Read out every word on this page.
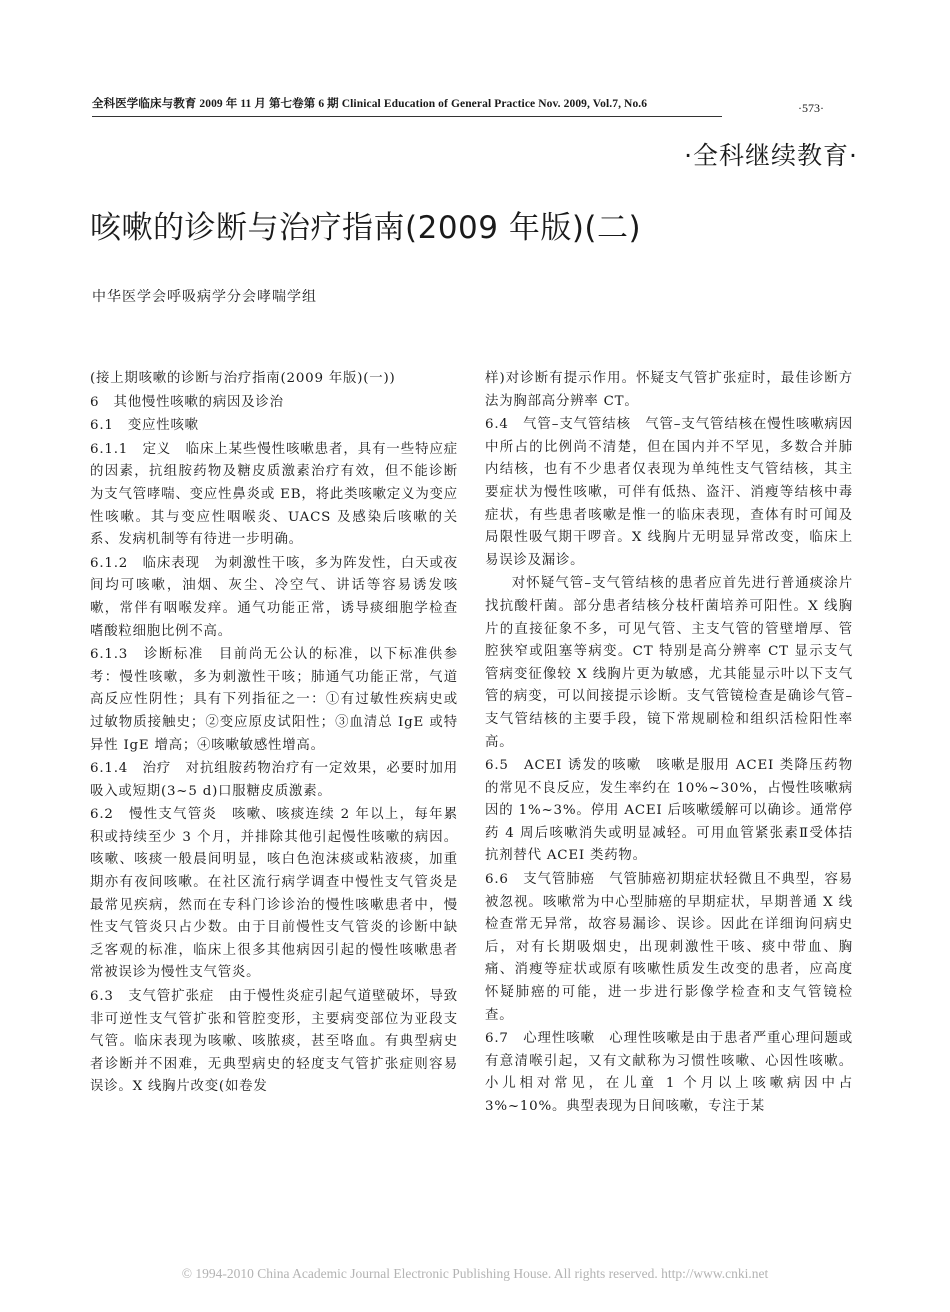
全科医学临床与教育 2009 年 11 月 第七卷第 6 期 Clinical Education of General Practice Nov. 2009, Vol.7, No.6	·573·
·全科继续教育·
咳嗽的诊断与治疗指南(2009 年版)(二)
中华医学会呼吸病学分会哮喘学组

(接上期咳嗽的诊断与治疗指南(2009 年版)(一))

6　其他慢性咳嗽的病因及诊治

6.1　变应性咳嗽

6.1.1　定义　临床上某些慢性咳嗽患者，具有一些特应症的因素，抗组胺药物及糖皮质激素治疗有效，但不能诊断为支气管哮喘、变应性鼻炎或 EB，将此类咳嗽定义为变应性咳嗽。其与变应性咽喉炎、UACS 及感染后咳嗽的关系、发病机制等有待进一步明确。

6.1.2　临床表现　为刺激性干咳，多为阵发性，白天或夜间均可咳嗽，油烟、灰尘、冷空气、讲话等容易诱发咳嗽，常伴有咽喉发痒。通气功能正常，诱导痰细胞学检查嗜酸粒细胞比例不高。

6.1.3　诊断标准　目前尚无公认的标准，以下标准供参考：慢性咳嗽，多为刺激性干咳；肺通气功能正常，气道高反应性阴性；具有下列指征之一：①有过敏性疾病史或过敏物质接触史；②变应原皮试阳性；③血清总 IgE 或特异性 IgE 增高；④咳嗽敏感性增高。

6.1.4　治疗　对抗组胺药物治疗有一定效果，必要时加用吸入或短期(3~5 d)口服糖皮质激素。

6.2　慢性支气管炎　咳嗽、咳痰连续 2 年以上，每年累积或持续至少 3 个月，并排除其他引起慢性咳嗽的病因。咳嗽、咳痰一般晨间明显，咳白色泡沫痰或粘液痰，加重期亦有夜间咳嗽。在社区流行病学调查中慢性支气管炎是最常见疾病，然而在专科门诊诊治的慢性咳嗽患者中，慢性支气管炎只占少数。由于目前慢性支气管炎的诊断中缺乏客观的标准，临床上很多其他病因引起的慢性咳嗽患者常被误诊为慢性支气管炎。

6.3　支气管扩张症　由于慢性炎症引起气道壁破坏，导致非可逆性支气管扩张和管腔变形，主要病变部位为亚段支气管。临床表现为咳嗽、咳脓痰，甚至咯血。有典型病史者诊断并不困难，无典型病史的轻度支气管扩张症则容易误诊。X 线胸片改变(如卷发

样)对诊断有提示作用。怀疑支气管扩张症时，最佳诊断方法为胸部高分辨率 CT。

6.4　气管–支气管结核　气管–支气管结核在慢性咳嗽病因中所占的比例尚不清楚，但在国内并不罕见，多数合并肺内结核，也有不少患者仅表现为单纯性支气管结核，其主要症状为慢性咳嗽，可伴有低热、盗汗、消瘦等结核中毒症状，有些患者咳嗽是惟一的临床表现，查体有时可闻及局限性吸气期干啰音。X 线胸片无明显异常改变，临床上易误诊及漏诊。

对怀疑气管–支气管结核的患者应首先进行普通痰涂片找抗酸杆菌。部分患者结核分枝杆菌培养可阳性。X 线胸片的直接征象不多，可见气管、主支气管的管壁增厚、管腔狭窄或阻塞等病变。CT 特别是高分辨率 CT 显示支气管病变征像较 X 线胸片更为敏感，尤其能显示叶以下支气管的病变，可以间接提示诊断。支气管镜检查是确诊气管–支气管结核的主要手段，镜下常规刷检和组织活检阳性率高。

6.5　ACEI 诱发的咳嗽　咳嗽是服用 ACEI 类降压药物的常见不良反应，发生率约在 10%~30%，占慢性咳嗽病因的 1%~3%。停用 ACEI 后咳嗽缓解可以确诊。通常停药 4 周后咳嗽消失或明显减轻。可用血管紧张素Ⅱ受体拮抗剂替代 ACEI 类药物。

6.6　支气管肺癌　气管肺癌初期症状轻微且不典型，容易被忽视。咳嗽常为中心型肺癌的早期症状，早期普通 X 线检查常无异常，故容易漏诊、误诊。因此在详细询问病史后，对有长期吸烟史，出现刺激性干咳、痰中带血、胸痛、消瘦等症状或原有咳嗽性质发生改变的患者，应高度怀疑肺癌的可能，进一步进行影像学检查和支气管镜检查。

6.7　心理性咳嗽　心理性咳嗽是由于患者严重心理问题或有意清喉引起，又有文献称为习惯性咳嗽、心因性咳嗽。小儿相对常见，在儿童 1 个月以上咳嗽病因中占 3%~10%。典型表现为日间咳嗽，专注于某

© 1994-2010 China Academic Journal Electronic Publishing House. All rights reserved. http://www.cnki.net
